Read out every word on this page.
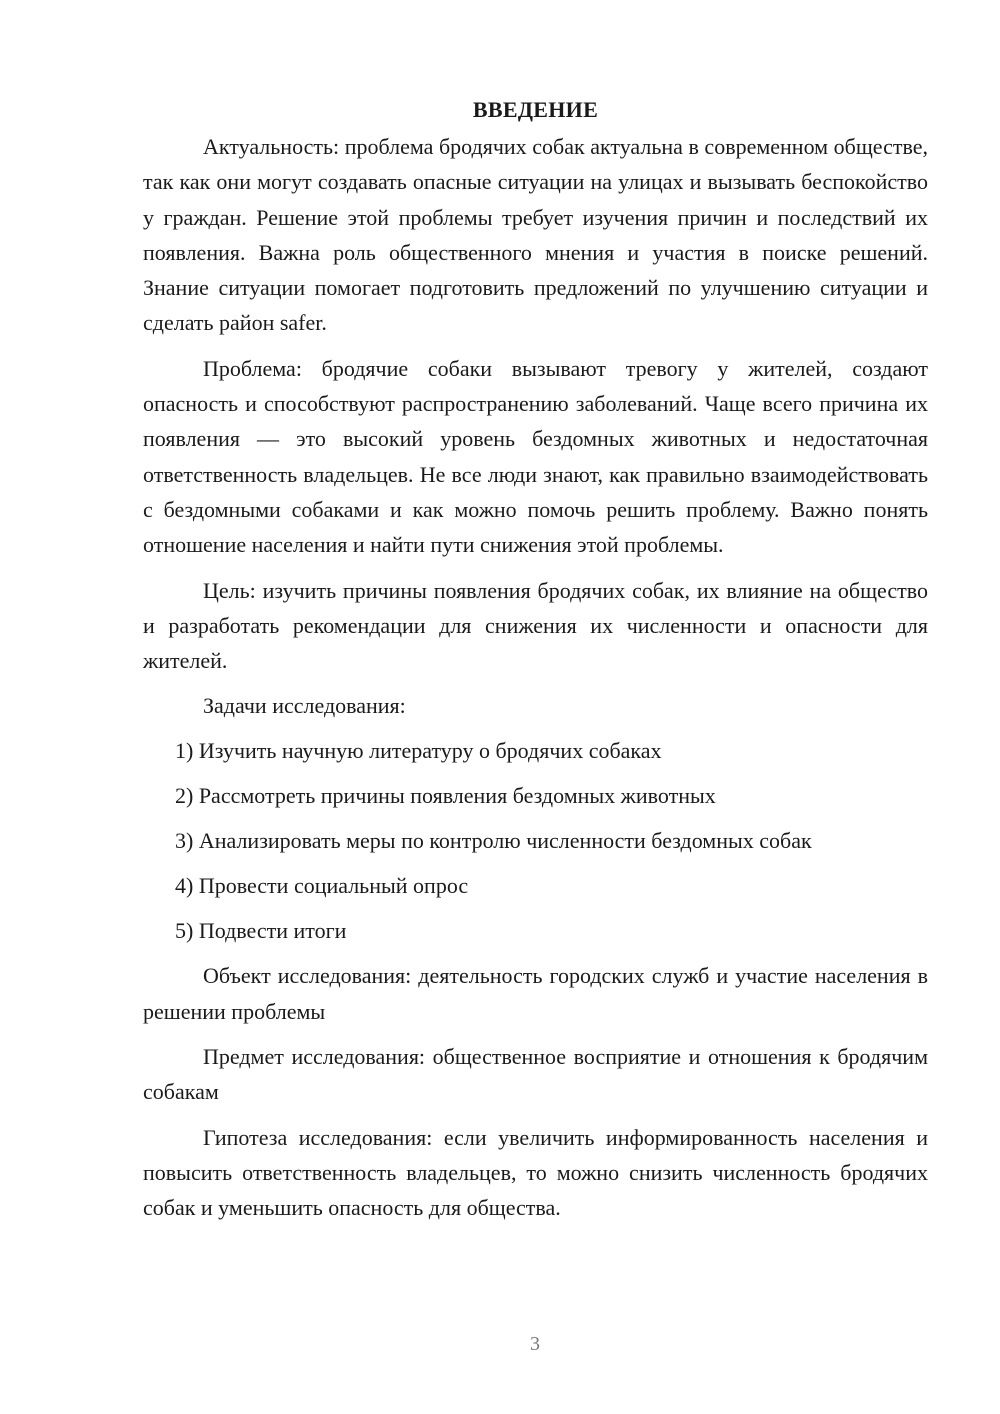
ВВЕДЕНИЕ

Актуальность: проблема бродячих собак актуальна в современном обществе, так как они могут создавать опасные ситуации на улицах и вызывать беспокойство у граждан. Решение этой проблемы требует изучения причин и последствий их появления. Важна роль общественного мнения и участия в поиске решений. Знание ситуации помогает подготовить предложений по улучшению ситуации и сделать район safer.

Проблема: бродячие собаки вызывают тревогу у жителей, создают опасность и способствуют распространению заболеваний. Чаще всего причина их появления — это высокий уровень бездомных животных и недостаточная ответственность владельцев. Не все люди знают, как правильно взаимодействовать с бездомными собаками и как можно помочь решить проблему. Важно понять отношение населения и найти пути снижения этой проблемы.

Цель: изучить причины появления бродячих собак, их влияние на общество и разработать рекомендации для снижения их численности и опасности для жителей.

Задачи исследования:
1) Изучить научную литературу о бродячих собаках
2) Рассмотреть причины появления бездомных животных
3) Анализировать меры по контролю численности бездомных собак
4) Провести социальный опрос
5) Подвести итоги

Объект исследования: деятельность городских служб и участие населения в решении проблемы

Предмет исследования: общественное восприятие и отношения к бродячим собакам

Гипотеза исследования: если увеличить информированность населения и повысить ответственность владельцев, то можно снизить численность бродячих собак и уменьшить опасность для общества.

3
